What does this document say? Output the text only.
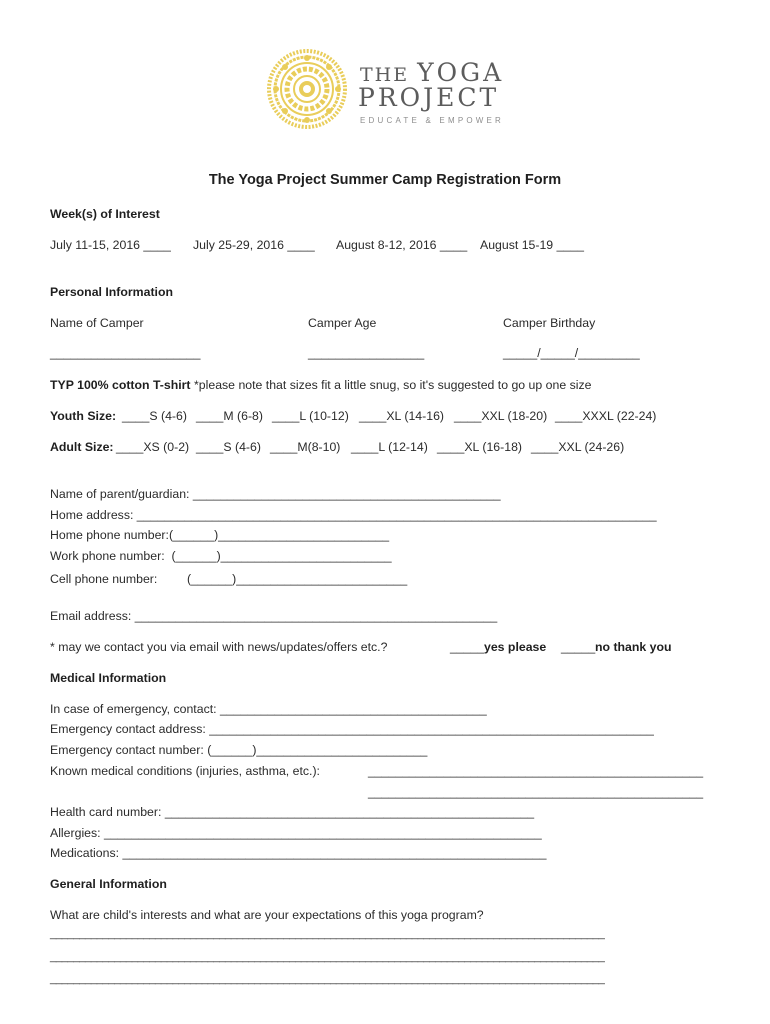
THE YOGA
PROJECT
EDUCATE & EMPOWER
The Yoga Project Summer Camp Registration Form
Week(s) of Interest
July 11-15, 2016 ____ July 25-29, 2016 ____ August 8-12, 2016 ____ August 15-19 ____
Personal Information
Name of Camper	Camper Age	Camper Birthday
______________________	_________________	_____/_____/_________
TYP 100% cotton T-shirt *please note that sizes fit a little snug, so it's suggested to go up one size
Youth Size: ____S (4-6) ____M (6-8) ____L (10-12) ____XL (14-16) ____XXL (18-20) ____XXXL (22-24)
Adult Size: ____XS (0-2) ____S (4-6) ____M(8-10) ____L (12-14) ____XL (16-18) ____XXL (24-26)
Name of parent/guardian: _____________________________________________
Home address: ____________________________________________________________________________
Home phone number:(______)_________________________
Work phone number:  (______)_________________________
Cell phone number: (______)_________________________
Email address: _____________________________________________________
* may we contact you via email with news/updates/offers etc.?	_____ yes please _____ no thank you
Medical Information
In case of emergency, contact: _______________________________________
Emergency contact address: _________________________________________________________________
Emergency contact number: (______)_________________________
Known medical conditions (injuries, asthma, etc.):	_________________________________________________
_________________________________________________
Health card number: ______________________________________________________
Allergies: ________________________________________________________________
Medications: ______________________________________________________________
General Information
What are child's interests and what are your expectations of this yoga program?
_______________________________________________________________________________________________
_______________________________________________________________________________________________
_______________________________________________________________________________________________
